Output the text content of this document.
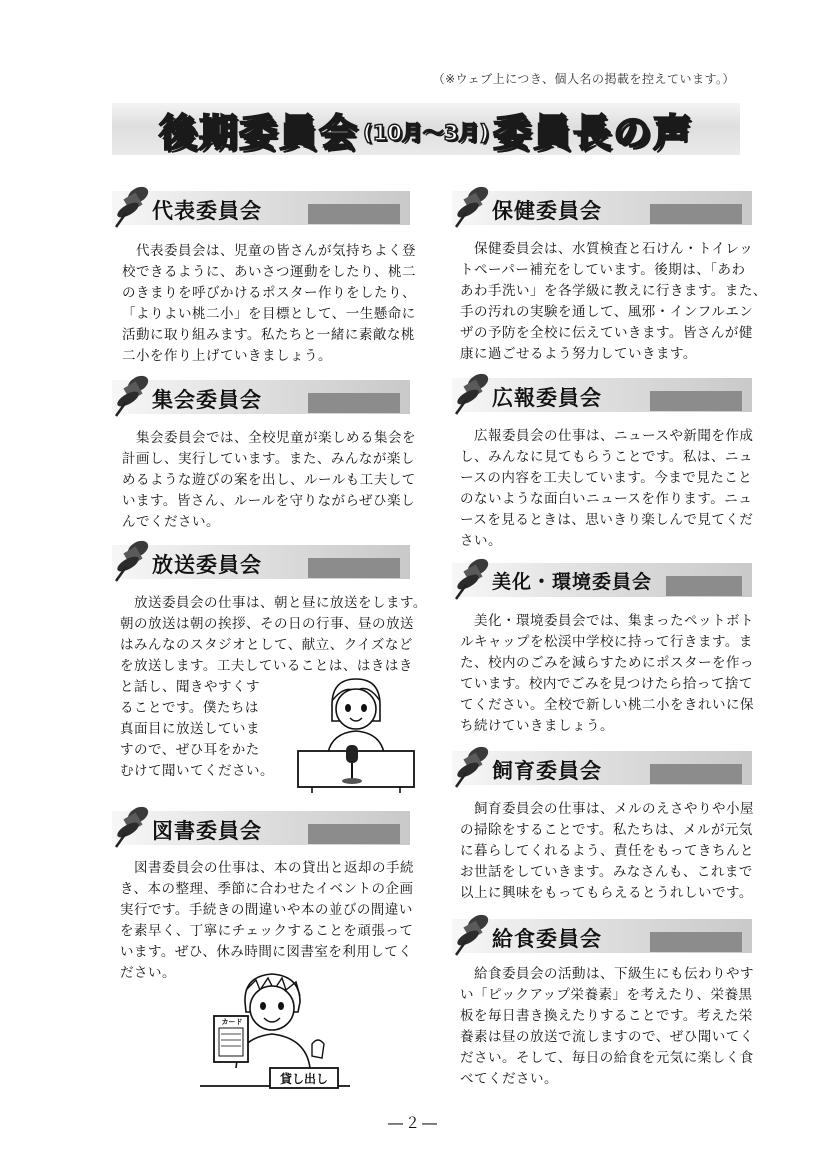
（※ウェブ上につき、個人名の掲載を控えています。）
後期委員会 (10月～3月) 委員長の声
代表委員会

　代表委員会は、児童の皆さんが気持ちよく登

校できるように、あいさつ運動をしたり、桃二

のきまりを呼びかけるポスター作りをしたり、

「よりよい桃二小」を目標として、一生懸命に

活動に取り組みます。私たちと一緒に素敵な桃

二小を作り上げていきましょう。

集会委員会

　集会委員会では、全校児童が楽しめる集会を

計画し、実行しています。また、みんなが楽し

めるような遊びの案を出し、ルールも工夫して

います。皆さん、ルールを守りながらぜひ楽し

んでください。

放送委員会

　放送委員会の仕事は、朝と昼に放送をします。

朝の放送は朝の挨拶、その日の行事、昼の放送

はみんなのスタジオとして、献立、クイズなど

を放送します。工夫していることは、はきはき

と話し、聞きやすくす

ることです。僕たちは

真面目に放送していま

すので、ぜひ耳をかた

むけて聞いてください。

図書委員会

　図書委員会の仕事は、本の貸出と返却の手続

き、本の整理、季節に合わせたイベントの企画

実行です。手続きの間違いや本の並びの間違い

を素早く、丁寧にチェックすることを頑張って

います。ぜひ、休み時間に図書室を利用してく

ださい。

カード
貸し出し
保健委員会

　保健委員会は、水質検査と石けん・トイレッ

トペーパー補充をしています。後期は、「あわ

あわ手洗い」を各学級に教えに行きます。また、

手の汚れの実験を通して、風邪・インフルエン

ザの予防を全校に伝えていきます。皆さんが健

康に過ごせるよう努力していきます。

広報委員会

　広報委員会の仕事は、ニュースや新聞を作成

し、みんなに見てもらうことです。私は、ニュ

ースの内容を工夫しています。今まで見たこと

のないような面白いニュースを作ります。ニュ

ースを見るときは、思いきり楽しんで見てくだ

さい。

美化・環境委員会

　美化・環境委員会では、集まったペットボト

ルキャップを松渓中学校に持って行きます。ま

た、校内のごみを減らすためにポスターを作っ

ています。校内でごみを見つけたら拾って捨て

てください。全校で新しい桃二小をきれいに保

ち続けていきましょう。

飼育委員会

　飼育委員会の仕事は、メルのえさやりや小屋

の掃除をすることです。私たちは、メルが元気

に暮らしてくれるよう、責任をもってきちんと

お世話をしていきます。みなさんも、これまで

以上に興味をもってもらえるとうれしいです。

給食委員会

　給食委員会の活動は、下級生にも伝わりやす

い「ピックアップ栄養素」を考えたり、栄養黒

板を毎日書き換えたりすることです。考えた栄

養素は昼の放送で流しますので、ぜひ聞いてく

ださい。そして、毎日の給食を元気に楽しく食

べてください。

―２―
